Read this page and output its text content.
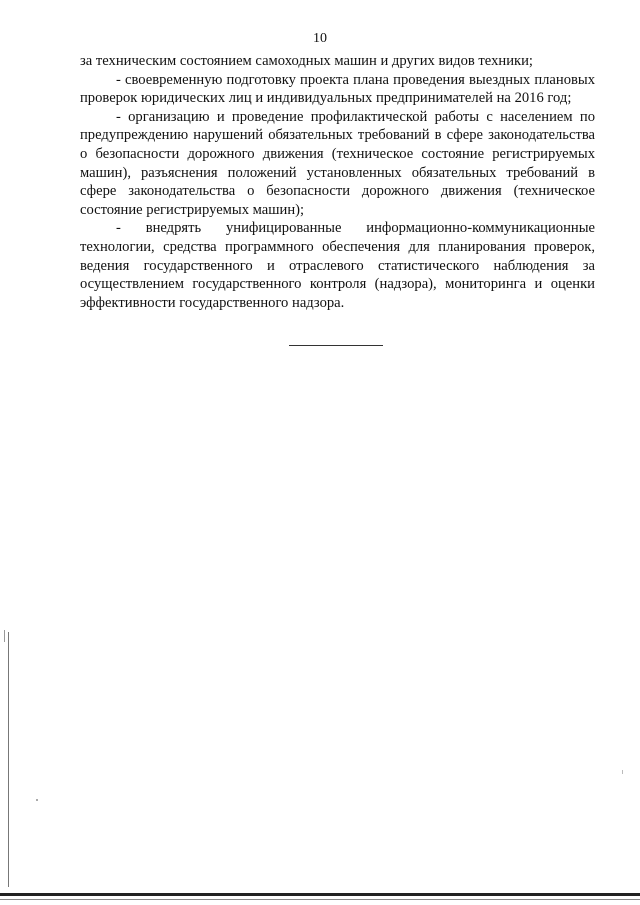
10

за техническим состоянием самоходных машин и других видов техники;

- своевременную подготовку проекта плана проведения выездных плановых проверок юридических лиц и индивидуальных предпринимателей на 2016 год;

- организацию и проведение профилактической работы с населением по предупреждению нарушений обязательных требований в сфере законодательства о безопасности дорожного движения (техническое состояние регистрируемых машин), разъяснения положений установленных обязательных требований в сфере законодательства о безопасности дорожного движения (техническое состояние регистрируемых машин);

- внедрять унифицированные информационно-коммуникационные технологии, средства программного обеспечения для планирования проверок, ведения государственного и отраслевого статистического наблюдения за осуществлением государственного контроля (надзора), мониторинга и оценки эффективности государственного надзора.
